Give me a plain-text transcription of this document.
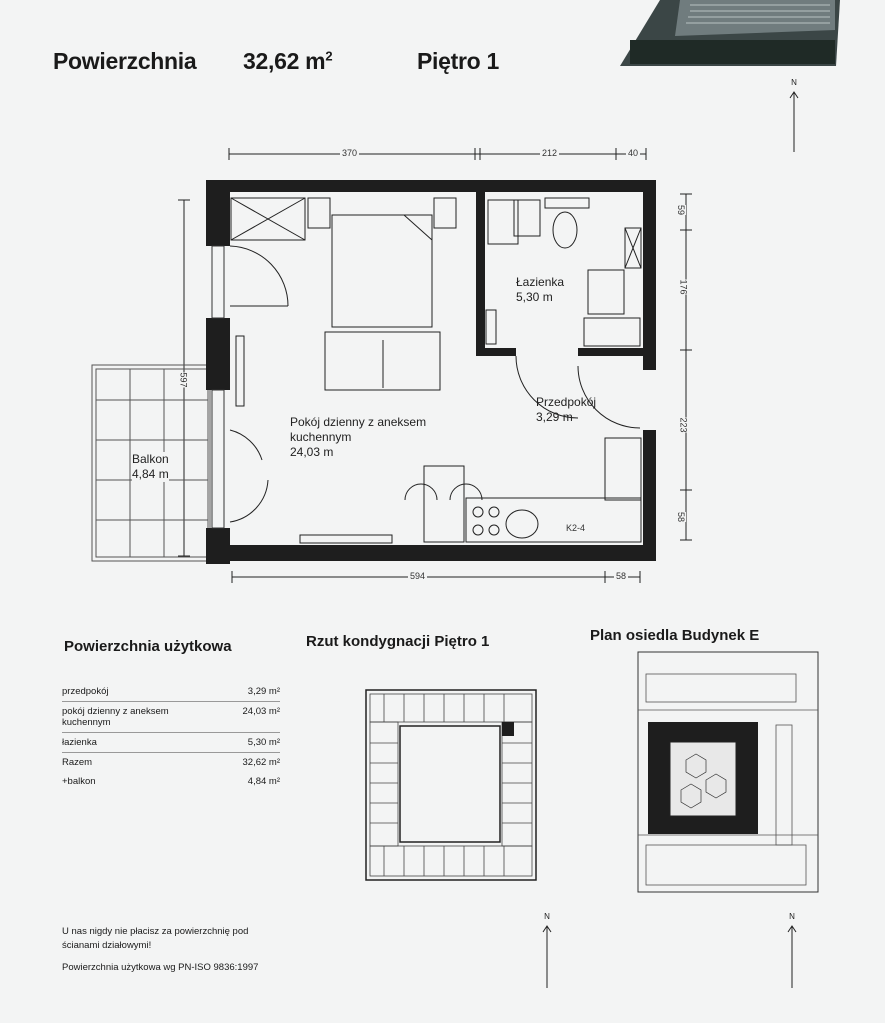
Powierzchnia 32,62 $m^2$	Piętro 1
N
370	212	40
59
176
223
58
597
594	58
Łazienka
5,30 m
Przedpokój
3,29 m
Pokój dzienny z aneksem
kuchennym
24,03 m
Balkon
4,84 m
K2-4
Powierzchnia użytkowa	Rzut kondygnacji Piętro 1	Plan osiedla Budynek E
przedpokój	3,29 m²
pokój dzienny z aneksem kuchennym	24,03 m²
łazienka	5,30 m²
Razem	32,62 m²
+balkon	4,84 m²
U nas nigdy nie płacisz za powierzchnię pod ścianami działowymi!
Powierzchnia użytkowa wg PN-ISO 9836:1997
N	N
